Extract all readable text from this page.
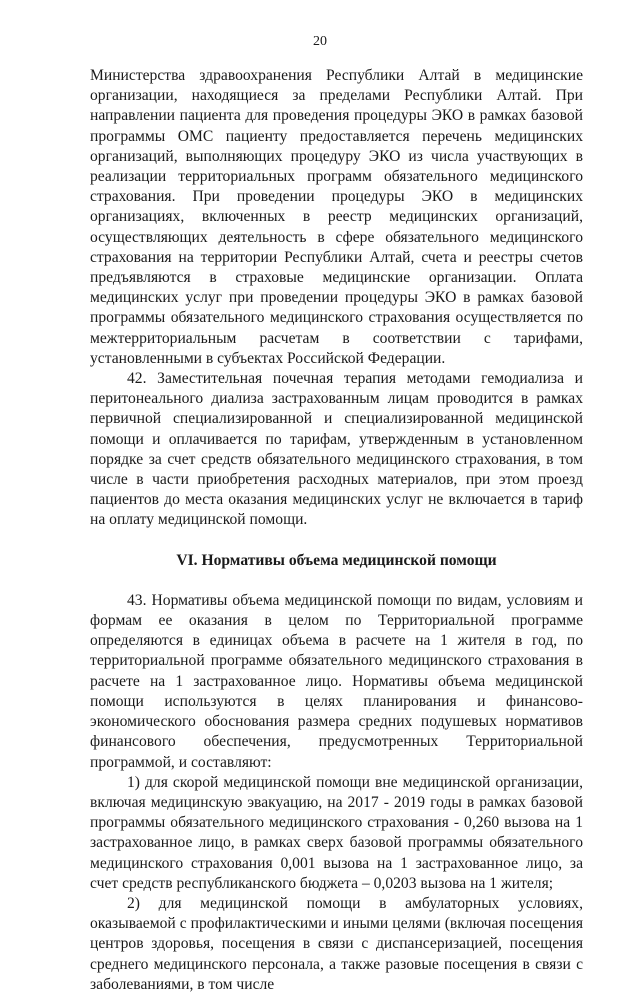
20

Министерства здравоохранения Республики Алтай в медицинские организации, находящиеся за пределами Республики Алтай. При направлении пациента для проведения процедуры ЭКО в рамках базовой программы ОМС пациенту предоставляется перечень медицинских организаций, выполняющих процедуру ЭКО из числа участвующих в реализации территориальных программ обязательного медицинского страхования. При проведении процедуры ЭКО в медицинских организациях, включенных в реестр медицинских организаций, осуществляющих деятельность в сфере обязательного медицинского страхования на территории Республики Алтай, счета и реестры счетов предъявляются в страховые медицинские организации. Оплата медицинских услуг при проведении процедуры ЭКО в рамках базовой программы обязательного медицинского страхования осуществляется по межтерриториальным расчетам в соответствии с тарифами, установленными в субъектах Российской Федерации.

42. Заместительная почечная терапия методами гемодиализа и перитонеального диализа застрахованным лицам проводится в рамках первичной специализированной и специализированной медицинской помощи и оплачивается по тарифам, утвержденным в установленном порядке за счет средств обязательного медицинского страхования, в том числе в части приобретения расходных материалов, при этом проезд пациентов до места оказания медицинских услуг не включается в тариф на оплату медицинской помощи.

VI. Нормативы объема медицинской помощи

43. Нормативы объема медицинской помощи по видам, условиям и формам ее оказания в целом по Территориальной программе определяются в единицах объема в расчете на 1 жителя в год, по территориальной программе обязательного медицинского страхования в расчете на 1 застрахованное лицо. Нормативы объема медицинской помощи используются в целях планирования и финансово-экономического обоснования размера средних подушевых нормативов финансового обеспечения, предусмотренных Территориальной программой, и составляют:

1) для скорой медицинской помощи вне медицинской организации, включая медицинскую эвакуацию, на 2017 - 2019 годы в рамках базовой программы обязательного медицинского страхования - 0,260 вызова на 1 застрахованное лицо, в рамках сверх базовой программы обязательного медицинского страхования 0,001 вызова на 1 застрахованное лицо, за счет средств республиканского бюджета – 0,0203 вызова на 1 жителя;

2) для медицинской помощи в амбулаторных условиях, оказываемой с профилактическими и иными целями (включая посещения центров здоровья, посещения в связи с диспансеризацией, посещения среднего медицинского персонала, а также разовые посещения в связи с заболеваниями, в том числе
